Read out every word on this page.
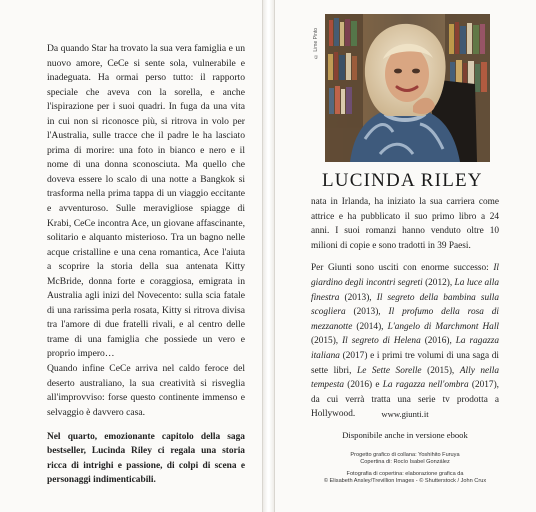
Da quando Star ha trovato la sua vera famiglia e un nuovo amore, CeCe si sente sola, vulnerabile e inadeguata. Ha ormai perso tutto: il rapporto speciale che aveva con la sorella, e anche l'ispirazione per i suoi quadri. In fuga da una vita in cui non si riconosce più, si ritrova in volo per l'Australia, sulle tracce che il padre le ha lasciato prima di morire: una foto in bianco e nero e il nome di una donna sconosciuta. Ma quello che doveva essere lo scalo di una notte a Bangkok si trasforma nella prima tappa di un viaggio eccitante e avventuroso. Sulle meravigliose spiagge di Krabi, CeCe incontra Ace, un giovane affascinante, solitario e alquanto misterioso. Tra un bagno nelle acque cristalline e una cena romantica, Ace l'aiuta a scoprire la storia della sua antenata Kitty McBride, donna forte e coraggiosa, emigrata in Australia agli inizi del Novecento: sulla scia fatale di una rarissima perla rosata, Kitty si ritrova divisa tra l'amore di due fratelli rivali, e al centro delle trame di una famiglia che possiede un vero e proprio impero…

Quando infine CeCe arriva nel caldo feroce del deserto australiano, la sua creatività si risveglia all'improvviso: forse questo continente immenso e selvaggio è davvero casa.

Nel quarto, emozionante capitolo della saga bestseller, Lucinda Riley ci regala una storia ricca di intrighi e passione, di colpi di scena e personaggi indimenticabili.

© Lime Pinto
LUCINDA RILEY

nata in Irlanda, ha iniziato la sua carriera come attrice e ha pubblicato il suo primo libro a 24 anni. I suoi romanzi hanno venduto oltre 10 milioni di copie e sono tradotti in 39 Paesi.

Per Giunti sono usciti con enorme successo: Il giardino degli incontri segreti (2012), La luce alla finestra (2013), Il segreto della bambina sulla scogliera (2013), Il profumo della rosa di mezzanotte (2014), L'angelo di Marchmont Hall (2015), Il segreto di Helena (2016), La ragazza italiana (2017) e i primi tre volumi di una saga di sette libri, Le Sette Sorelle (2015), Ally nella tempesta (2016) e La ragazza nell'ombra (2017), da cui verrà tratta una serie tv prodotta a Hollywood.	www.giunti.it
Disponibile anche in versione ebook
Progetto grafico di collana: Yoshihito Furuya
Copertina di: Rocío Isabel González
Fotografia di copertina: elaborazione grafica da
© Elisabeth Ansley/Trevillion Images - © Shutterstock / John Crux
